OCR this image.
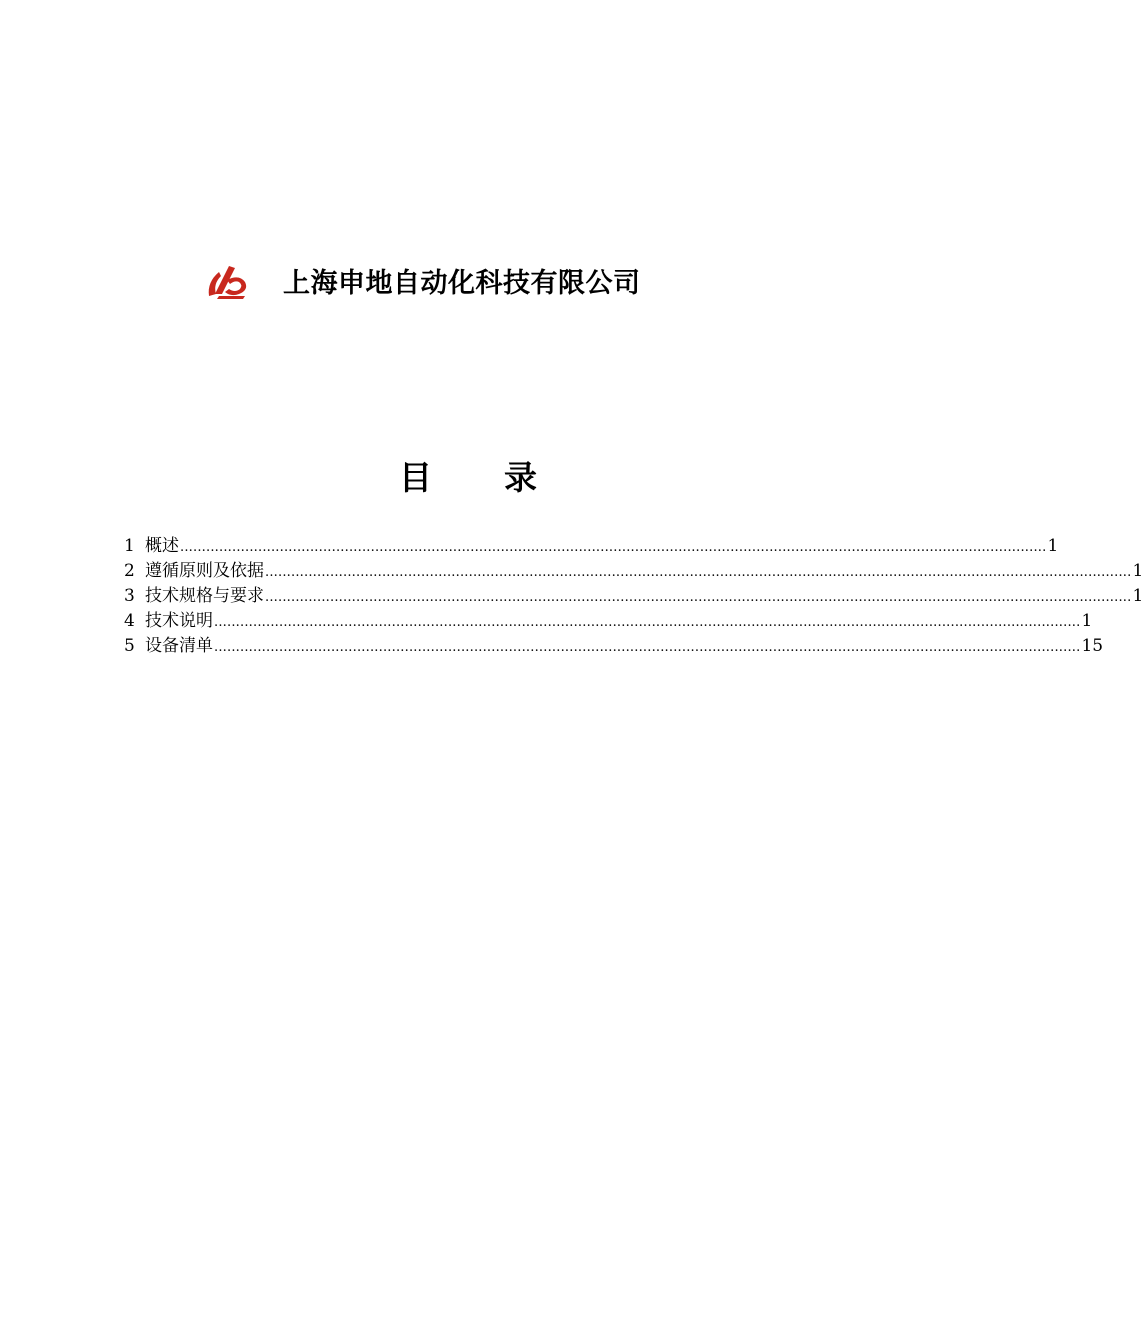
上海申地自动化科技有限公司
目 录
1 概述 ........................................................................................................................................................................................................ 1
2 遵循原则及依据 ........................................................................................................................................................................................................ 1
3 技术规格与要求 ........................................................................................................................................................................................................ 1
4 技术说明 ........................................................................................................................................................................................................ 1
5 设备清单 ........................................................................................................................................................................................................ 15
